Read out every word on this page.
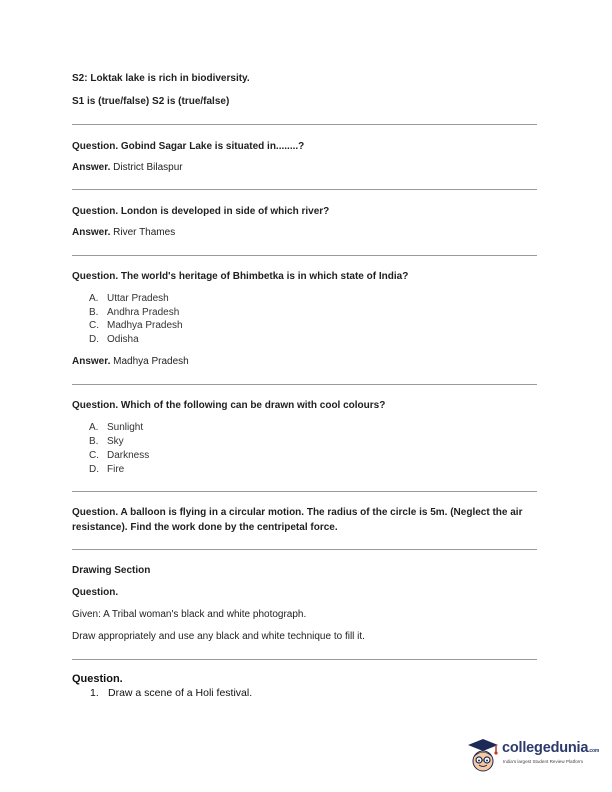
S2: Loktak lake is rich in biodiversity.
S1 is (true/false) S2 is (true/false)
Question. Gobind Sagar Lake is situated in........?
Answer. District Bilaspur
Question. London is developed in side of which river?
Answer. River Thames
Question. The world's heritage of Bhimbetka is in which state of India?
A. Uttar Pradesh
B. Andhra Pradesh
C. Madhya Pradesh
D. Odisha
Answer. Madhya Pradesh
Question. Which of the following can be drawn with cool colours?
A. Sunlight
B. Sky
C. Darkness
D. Fire
Question. A balloon is flying in a circular motion. The radius of the circle is 5m. (Neglect the air resistance). Find the work done by the centripetal force.
Drawing Section
Question.
Given: A Tribal woman's black and white photograph.
Draw appropriately and use any black and white technique to fill it.
Question.
1. Draw a scene of a Holi festival.
collegedunia.com
India's largest Student Review Platform
